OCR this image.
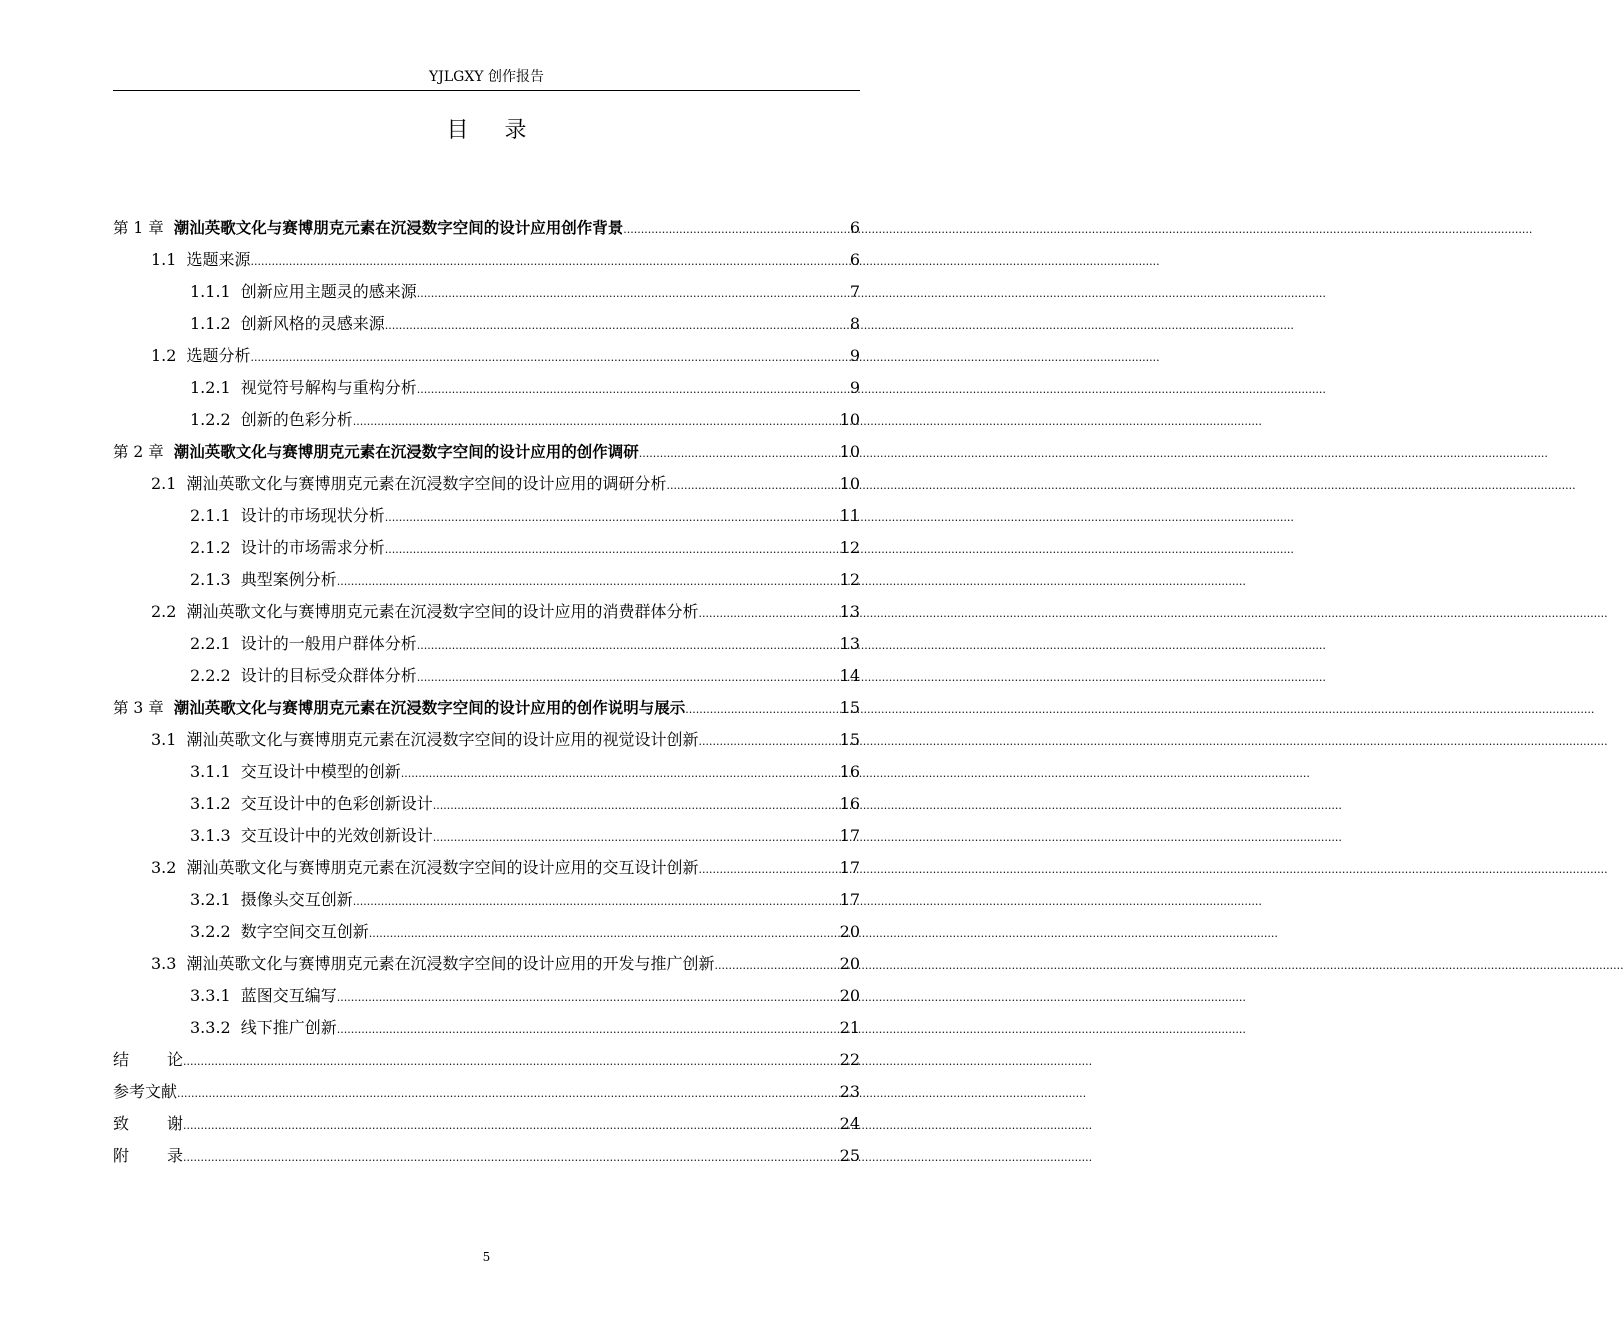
YJLGXY 创作报告
目 录
第 1 章 潮汕英歌文化与赛博朋克元素在沉浸数字空间的设计应用创作背景 .....	6
1.1 选题来源 .....	6
1.1.1 创新应用主题灵的感来源 .....	7
1.1.2 创新风格的灵感来源 .....	8
1.2 选题分析 .....	9
1.2.1 视觉符号解构与重构分析 .....	9
1.2.2 创新的色彩分析 .....	10
第 2 章 潮汕英歌文化与赛博朋克元素在沉浸数字空间的设计应用的创作调研 .....	10
2.1 潮汕英歌文化与赛博朋克元素在沉浸数字空间的设计应用的调研分析 .....	10
2.1.1 设计的市场现状分析 .....	11
2.1.2 设计的市场需求分析 .....	12
2.1.3 典型案例分析 .....	12
2.2 潮汕英歌文化与赛博朋克元素在沉浸数字空间的设计应用的消费群体分析 .....	13
2.2.1 设计的一般用户群体分析 .....	13
2.2.2 设计的目标受众群体分析 .....	14
第 3 章 潮汕英歌文化与赛博朋克元素在沉浸数字空间的设计应用的创作说明与展示 .....	15
3.1 潮汕英歌文化与赛博朋克元素在沉浸数字空间的设计应用的视觉设计创新 .....	15
3.1.1 交互设计中模型的创新 .....	16
3.1.2 交互设计中的色彩创新设计 .....	16
3.1.3 交互设计中的光效创新设计 .....	17
3.2 潮汕英歌文化与赛博朋克元素在沉浸数字空间的设计应用的交互设计创新 .....	17
3.2.1 摄像头交互创新 .....	17
3.2.2 数字空间交互创新 .....	20
3.3 潮汕英歌文化与赛博朋克元素在沉浸数字空间的设计应用的开发与推广创新 .....	20
3.3.1 蓝图交互编写 .....	20
3.3.2 线下推广创新 .....	21
结 论 .....	22
参考文献 .....	23
致 谢 .....	24
附 录 .....	25
5
